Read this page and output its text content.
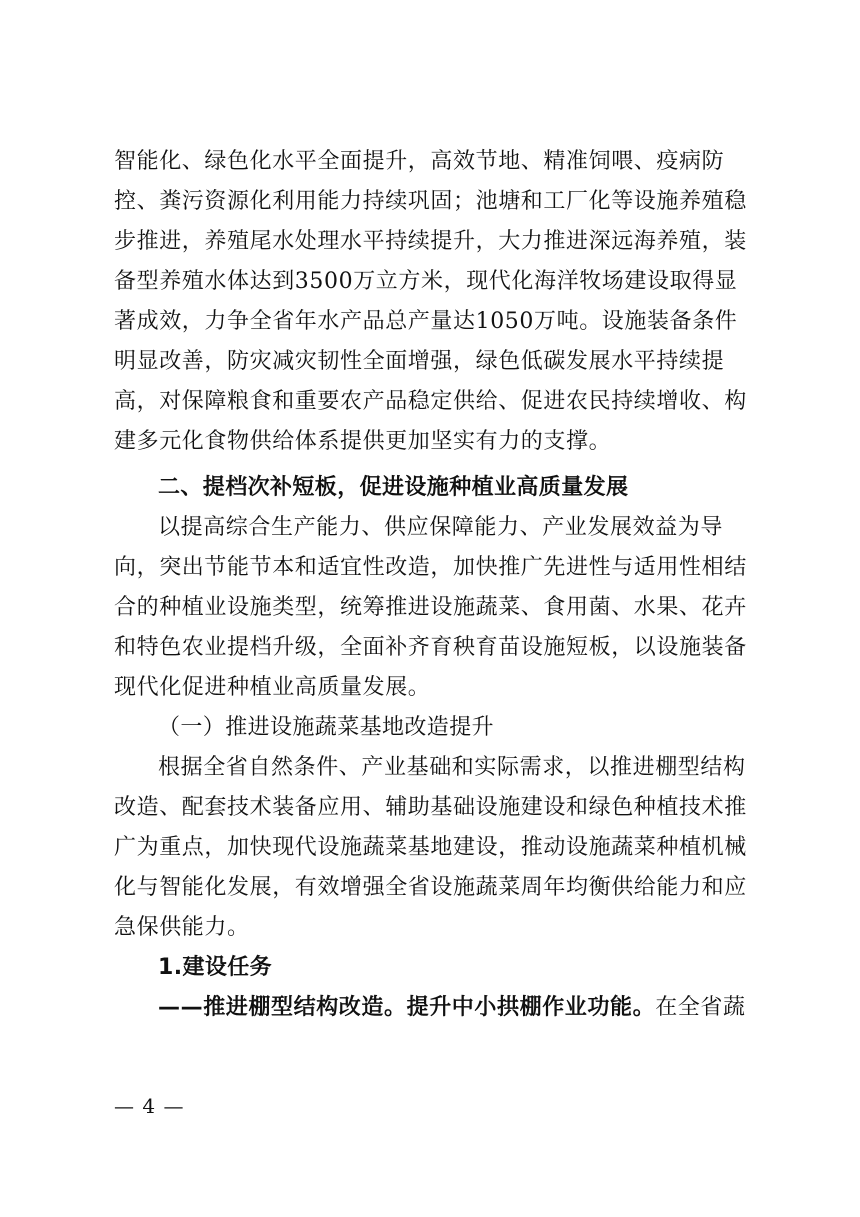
智能化、绿色化水平全面提升，高效节地、精准饲喂、疫病防控、粪污资源化利用能力持续巩固；池塘和工厂化等设施养殖稳步推进，养殖尾水处理水平持续提升，大力推进深远海养殖，装备型养殖水体达到3500万立方米，现代化海洋牧场建设取得显著成效，力争全省年水产品总产量达1050万吨。设施装备条件明显改善，防灾减灾韧性全面增强，绿色低碳发展水平持续提高，对保障粮食和重要农产品稳定供给、促进农民持续增收、构建多元化食物供给体系提供更加坚实有力的支撑。

二、提档次补短板，促进设施种植业高质量发展

以提高综合生产能力、供应保障能力、产业发展效益为导向，突出节能节本和适宜性改造，加快推广先进性与适用性相结合的种植业设施类型，统筹推进设施蔬菜、食用菌、水果、花卉和特色农业提档升级，全面补齐育秧育苗设施短板，以设施装备现代化促进种植业高质量发展。

（一）推进设施蔬菜基地改造提升

根据全省自然条件、产业基础和实际需求，以推进棚型结构改造、配套技术装备应用、辅助基础设施建设和绿色种植技术推广为重点，加快现代设施蔬菜基地建设，推动设施蔬菜种植机械化与智能化发展，有效增强全省设施蔬菜周年均衡供给能力和应急保供能力。

1.建设任务

——推进棚型结构改造。提升中小拱棚作业功能。在全省蔬

— 4 —
